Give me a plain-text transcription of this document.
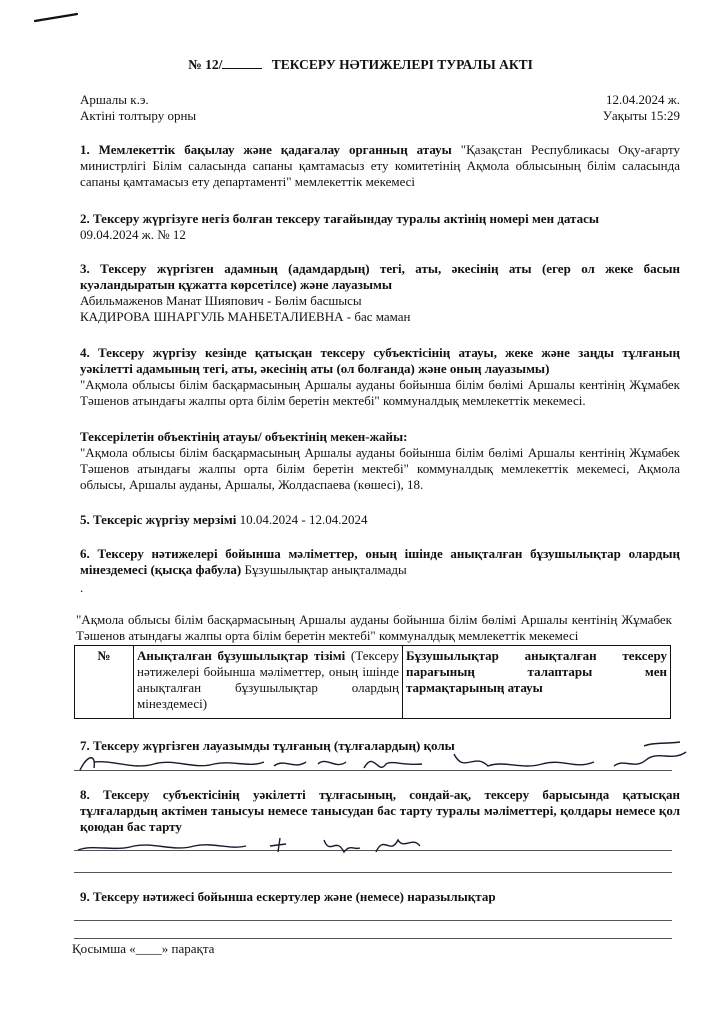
№ 12/	ТЕКСЕРУ НӘТИЖЕЛЕРІ ТУРАЛЫ АКТІ
Аршалы к.э.	12.04.2024 ж.
Актіні толтыру орны	Уақыты 15:29
1. Мемлекеттік бақылау және қадағалау органның атауы "Қазақстан Республикасы Оқу-ағарту министрлігі Білім саласында сапаны қамтамасыз ету комитетінің Ақмола облысының білім саласында сапаны қамтамасыз ету департаменті" мемлекеттік мекемесі
2. Тексеру жүргізуге негіз болған тексеру тағайындау туралы актінің номері мен датасы
09.04.2024 ж. № 12
3. Тексеру жүргізген адамның (адамдардың) тегі, аты, әкесінің аты (егер ол жеке басын куәландыратын құжатта көрсетілсе) және лауазымы
Абильмаженов Манат Шияпович - Бөлім басшысы
КАДИРОВА ШНАРГУЛЬ МАНБЕТАЛИЕВНА - бас маман
4. Тексеру жүргізу кезінде қатысқан тексеру субъектісінің атауы, жеке және заңды тұлғаның уәкілетті адамының тегі, аты, әкесінің аты (ол болғанда) және оның лауазымы)
"Ақмола облысы білім басқармасының Аршалы ауданы бойынша білім бөлімі Аршалы кентінің Жұмабек Тәшенов атындағы жалпы орта білім беретін мектебі" коммуналдық мемлекеттік мекемесі.
Тексерілетін объектінің атауы/ объектінің мекен-жайы:
"Ақмола облысы білім басқармасының Аршалы ауданы бойынша білім бөлімі Аршалы кентінің Жұмабек Тәшенов атындағы жалпы орта білім беретін мектебі" коммуналдық мемлекеттік мекемесі, Ақмола облысы, Аршалы ауданы, Аршалы, Жолдаспаева (көшесі), 18.
5. Тексеріс жүргізу мерзімі 10.04.2024 - 12.04.2024
6. Тексеру нәтижелері бойынша мәліметтер, оның ішінде анықталған бұзушылықтар олардың мінездемесі (қысқа фабула) Бұзушылықтар анықталмады
.
"Ақмола облысы білім басқармасының Аршалы ауданы бойынша білім бөлімі Аршалы кентінің Жұмабек Тәшенов атындағы жалпы орта білім беретін мектебі" коммуналдық мемлекеттік мекемесі
№	Анықталған бұзушылықтар тізімі (Тексеру нәтижелері бойынша мәліметтер, оның ішінде анықталған бұзушылықтар олардың мінездемесі)	Бұзушылықтар анықталған тексеру парағының талаптары мен тармақтарының атауы
7. Тексеру жүргізген лауазымды тұлғаның (тұлғалардың) қолы
8. Тексеру субъектісінің уәкілетті тұлғасының, сондай-ақ, тексеру барысында қатысқан тұлғалардың актімен танысуы немесе танысудан бас тарту туралы мәліметтері, қолдары немесе қол қоюдан бас тарту
9. Тексеру нәтижесі бойынша ескертулер және (немесе) наразылықтар
Қосымша «____» парақта
